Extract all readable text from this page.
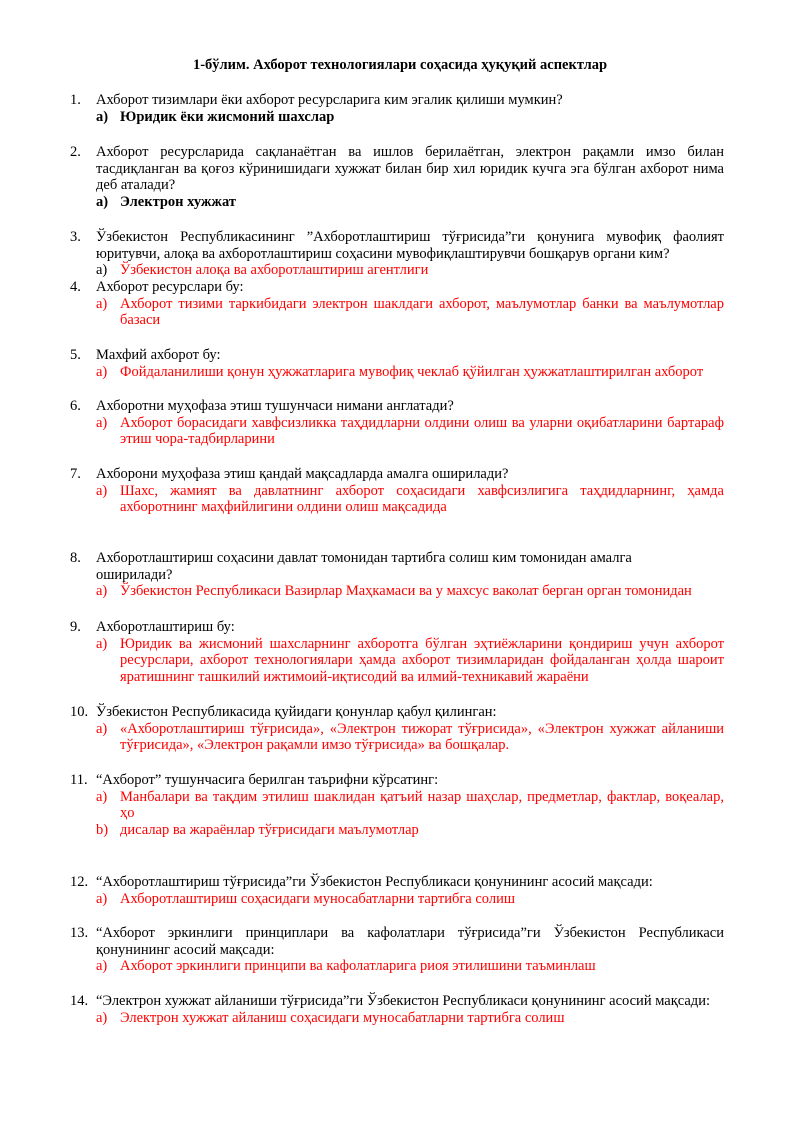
1-бўлим. Ахборот технологиялари соҳасида ҳуқуқий аспектлар
1.	Ахборот тизимлари ёки ахборот ресурсларига ким эгалик қилиши мумкин?
а) Юридик ёки жисмоний шахслар
2.	Ахборот ресурсларида сақланаётган ва ишлов берилаётган, электрон рақамли имзо билан тасдиқланган ва қоғоз кўринишидаги хужжат билан бир хил юридик кучга эга бўлган ахборот нима деб аталади?
а) Электрон хужжат
3.	Ўзбекистон Республикасининг ”Ахборотлаштириш тўғрисида”ги қонунига мувофиқ фаолият юритувчи, алоқа ва ахборотлаштириш соҳасини мувофиқлаштирувчи бошқарув органи ким?
а) Ўзбекистон алоқа ва ахборотлаштириш агентлиги
4.	Ахборот ресурслари бу:
а) Ахборот тизими таркибидаги электрон шаклдаги ахборот, маълумотлар банки ва маълумотлар базаси
5.	Махфий ахборот бу:
а) Фойдаланилиши қонун ҳужжатларига мувофиқ чеклаб қўйилган ҳужжатлаштирилган ахборот
6.	Ахборотни муҳофаза этиш тушунчаси нимани англатади?
а) Ахборот борасидаги хавфсизликка таҳдидларни олдини олиш ва уларни оқибатларини бартараф этиш чора-тадбирларини
7.	Ахборони муҳофаза этиш қандай мақсадларда амалга оширилади?
а) Шахс, жамият ва давлатнинг ахборот соҳасидаги хавфсизлигига таҳдидларнинг, ҳамда ахборотнинг маҳфийлигини олдини олиш мақсадида
8.	Ахборотлаштириш соҳасини давлат томонидан тартибга солиш ким томонидан амалга оширилади?
а) Ўзбекистон Республикаси Вазирлар Маҳкамаси ва у махсус ваколат берган орган томонидан
9.	Ахборотлаштириш бу:
а) Юридик ва жисмоний шахсларнинг ахборотга бўлган эҳтиёжларини қондириш учун ахборот ресурслари, ахборот технологиялари ҳамда ахборот тизимларидан фойдаланган ҳолда шароит яратишнинг ташкилий ижтимоий-иқтисодий ва илмий-техникавий жараёни
10. Ўзбекистон Республикасида қуйидаги қонунлар қабул қилинган:
а) «Ахборотлаштириш тўғрисида», «Электрон тижорат тўғрисида», «Электрон хужжат айланиши тўғрисида», «Электрон рақамли имзо тўғрисида» ва бошқалар.
11. “Ахборот” тушунчасига берилган таърифни кўрсатинг:
а) Манбалари ва тақдим этилиш шаклидан қатъий назар шаҳслар, предметлар, фактлар, воқеалар, ҳо
b) дисалар ва жараёнлар тўғрисидаги маълумотлар
12. “Ахборотлаштириш тўғрисида”ги Ўзбекистон Республикаси қонунининг асосий мақсади:
а) Ахборотлаштириш соҳасидаги муносабатларни тартибга солиш
13. “Ахборот эркинлиги принциплари ва кафолатлари тўғрисида”ги Ўзбекистон Республикаси қонунининг асосий мақсади:
а) Ахборот эркинлиги принципи ва кафолатларига риоя этилишини таъминлаш
14. “Электрон хужжат айланиши тўғрисида”ги Ўзбекистон Республикаси қонунининг асосий мақсади:
а) Электрон хужжат айланиш соҳасидаги муносабатларни тартибга солиш
